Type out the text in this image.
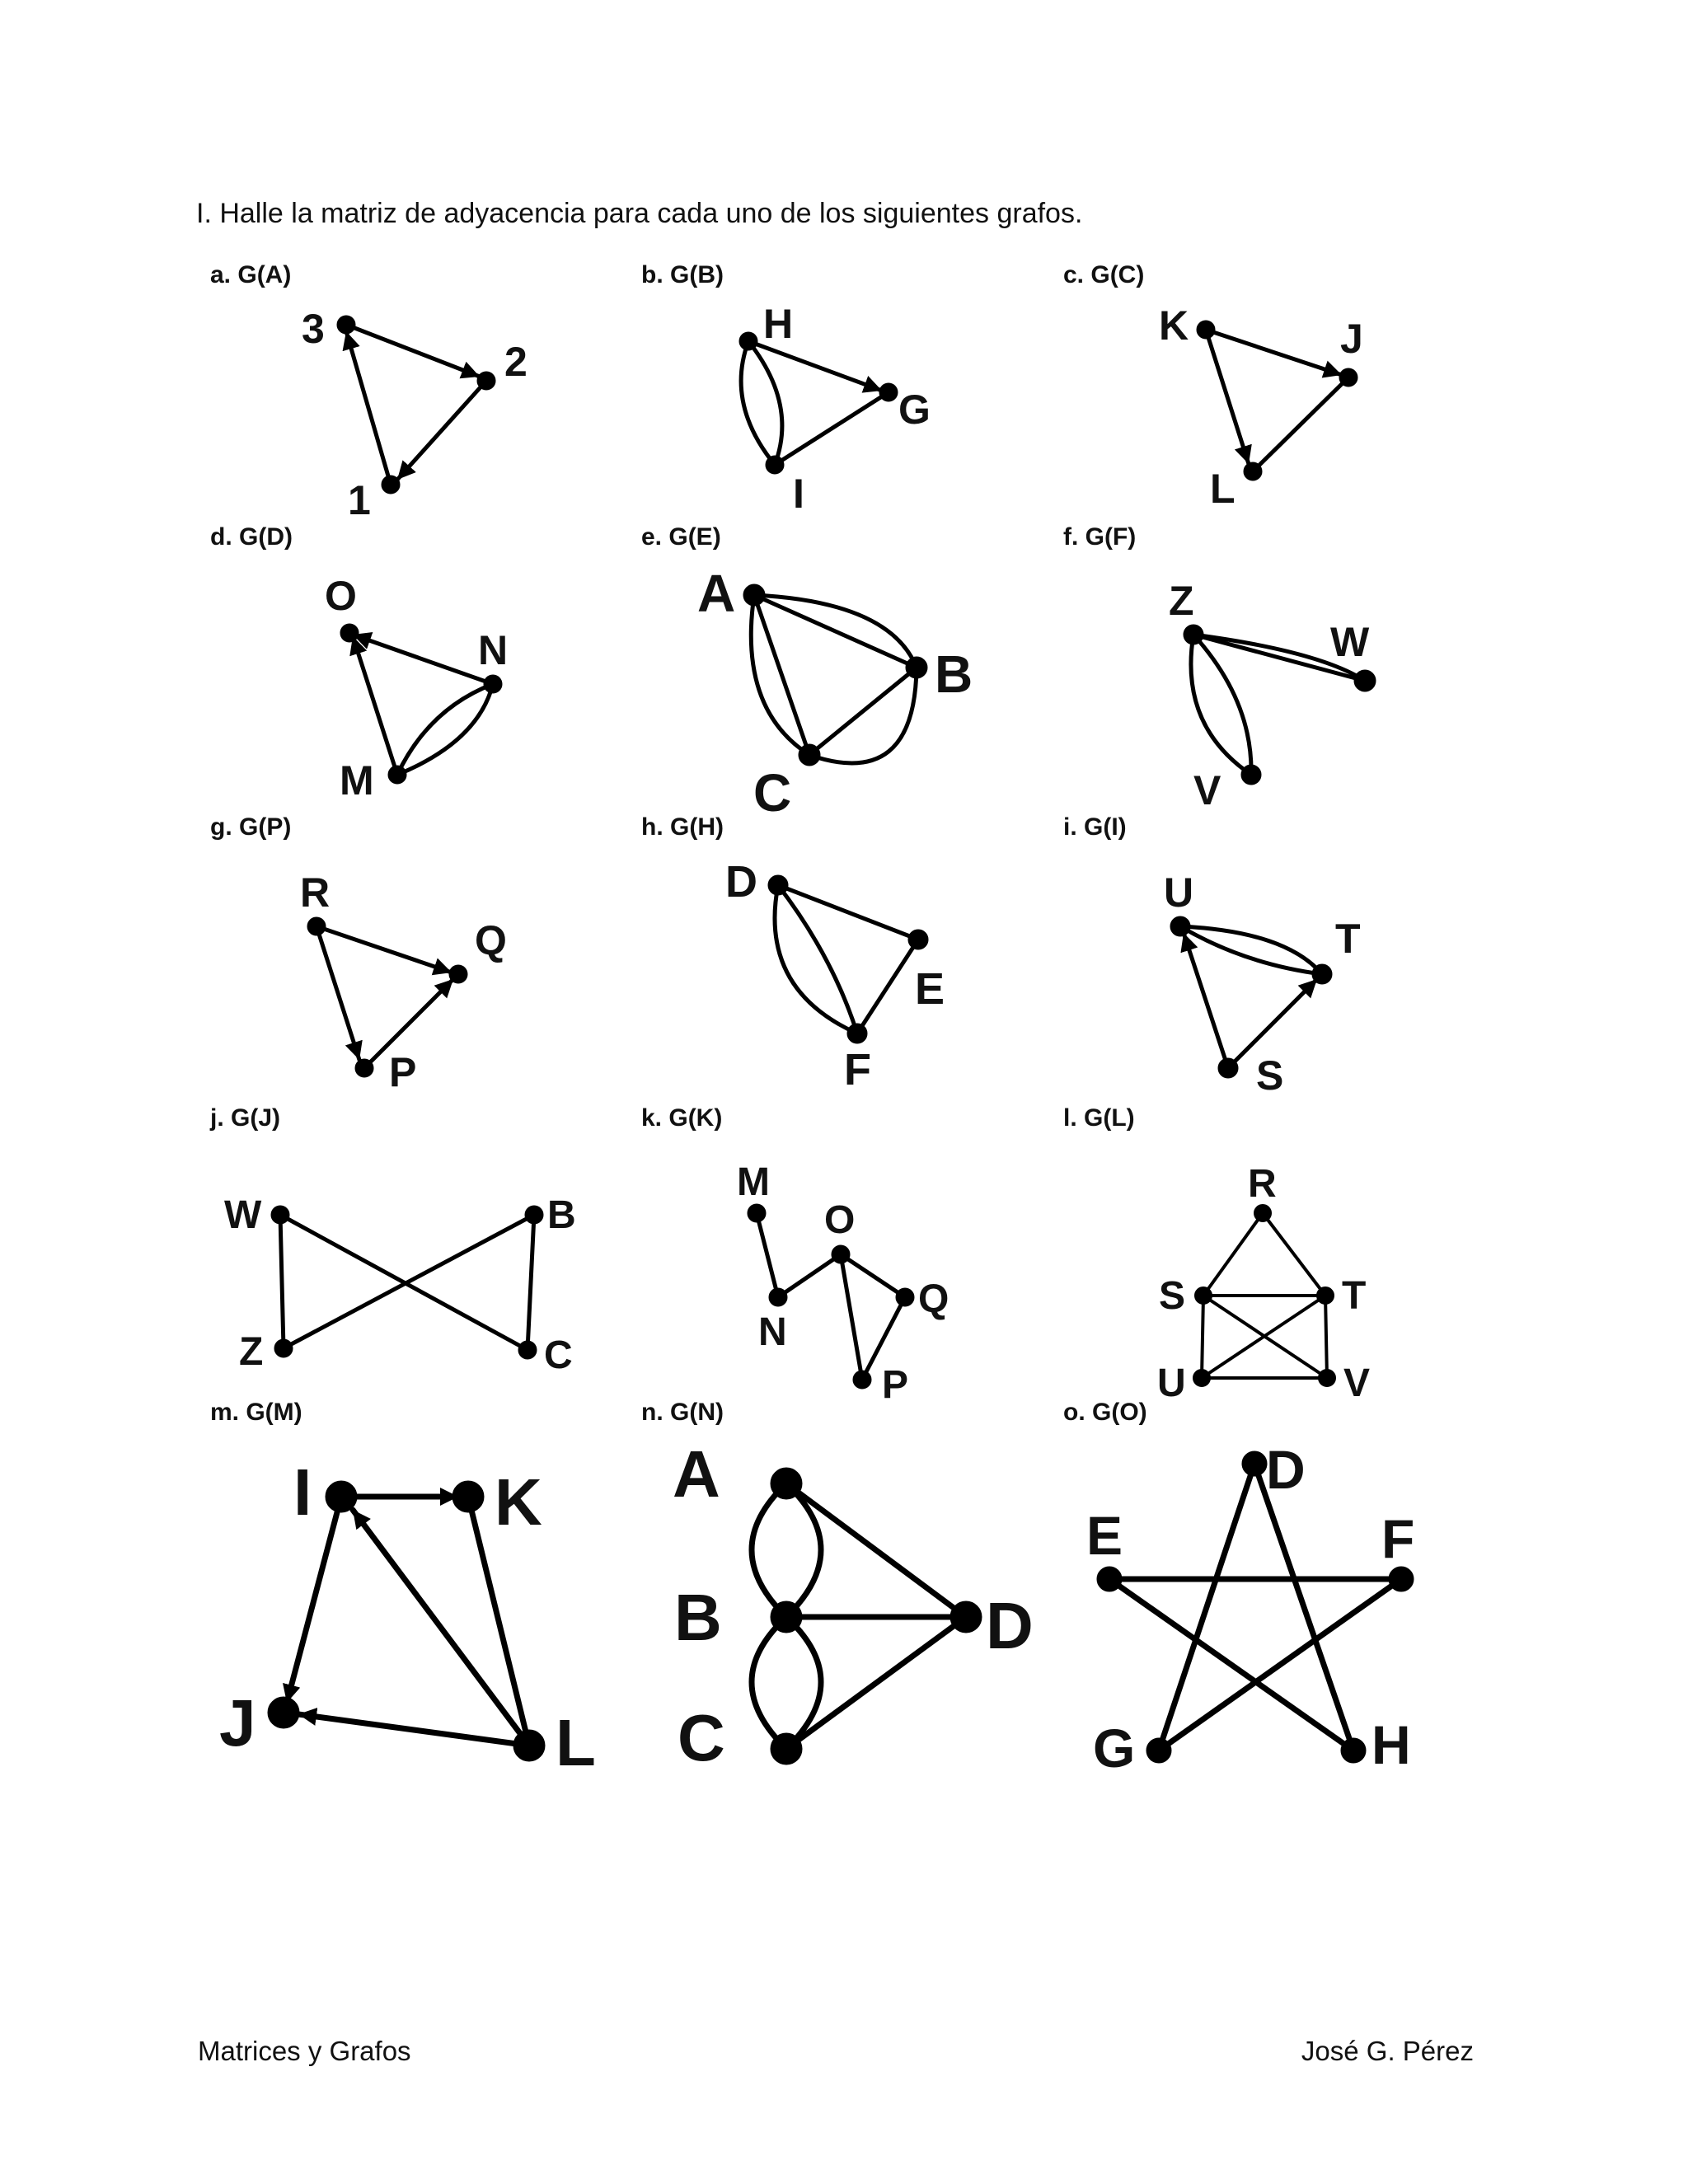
I. Halle la matriz de adyacencia para cada uno de los siguientes grafos.
a. G(A)	b. G(B)	c. G(C)
d. G(D)	e. G(E)	f. G(F)
g. G(P)	h. G(H)	i. G(I)
j. G(J)	k. G(K)	l. G(L)
m. G(M)	n. G(N)	o. G(O)
3
2
1
H
G
I
K	J
L
O
N
M
A
B
C
Z
W
V
R
Q
P
D
E
F
U
T
S
W	B
Z	C
M
O
Q
N
P
R
S	T
U	V
I	K
J	L
A
B
C
D
D
E	F
G	H
Matrices y Grafos	José G. Pérez
